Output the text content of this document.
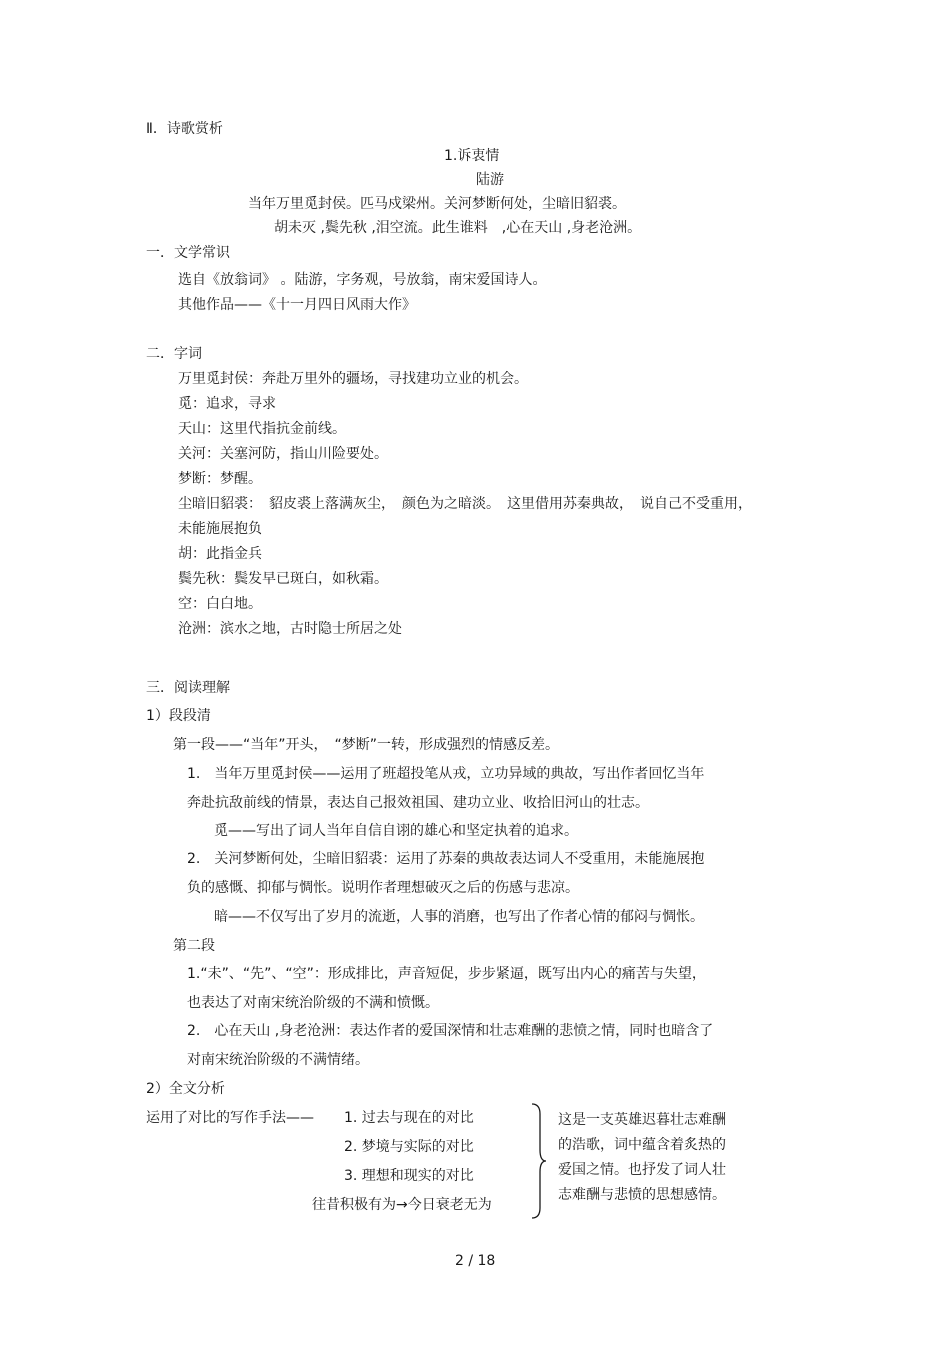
Ⅱ．诗歌赏析
1.诉衷情
陆游
当年万里觅封侯。匹马戍梁州。关河梦断何处，尘暗旧貂裘。
胡未灭 ,鬓先秋 ,泪空流。此生谁料　,心在天山 ,身老沧洲。
一．文学常识
选自《放翁词》 。陆游，字务观，号放翁，南宋爱国诗人。
其他作品——《十一月四日风雨大作》
二．字词
万里觅封侯：奔赴万里外的疆场，寻找建功立业的机会。
觅：追求，寻求
天山：这里代指抗金前线。
关河：关塞河防，指山川险要处。
梦断：梦醒。
尘暗旧貂裘：　貂皮裘上落满灰尘，　颜色为之暗淡。　这里借用苏秦典故，　说自己不受重用，
未能施展抱负
胡：此指金兵
鬓先秋：鬓发早已斑白，如秋霜。
空：白白地。
沧洲：滨水之地，古时隐士所居之处
三．阅读理解
1）段段清
第一段——“当年”开头，　“梦断”一转，形成强烈的情感反差。
1.　当年万里觅封侯——运用了班超投笔从戎，立功异域的典故，写出作者回忆当年
奔赴抗敌前线的情景，表达自己报效祖国、建功立业、收拾旧河山的壮志。
觅——写出了词人当年自信自诩的雄心和坚定执着的追求。
2.　关河梦断何处，尘暗旧貂裘：运用了苏秦的典故表达词人不受重用，未能施展抱
负的感慨、抑郁与惆怅。说明作者理想破灭之后的伤感与悲凉。
暗——不仅写出了岁月的流逝，人事的消磨，也写出了作者心情的郁闷与惆怅。
第二段
1.“未”、“先”、“空”：形成排比，声音短促，步步紧逼，既写出内心的痛苦与失望，
也表达了对南宋统治阶级的不满和愤慨。
2.　心在天山 ,身老沧洲：表达作者的爱国深情和壮志难酬的悲愤之情，同时也暗含了
对南宋统治阶级的不满情绪。
2）全文分析
运用了对比的写作手法—— 1. 过去与现在的对比
2. 梦境与实际的对比
3. 理想和现实的对比
往昔积极有为→今日衰老无为
这是一支英雄迟暮壮志难酬
的浩歌，词中蕴含着炙热的
爱国之情。也抒发了词人壮
志难酬与悲愤的思想感情。
2 / 18
